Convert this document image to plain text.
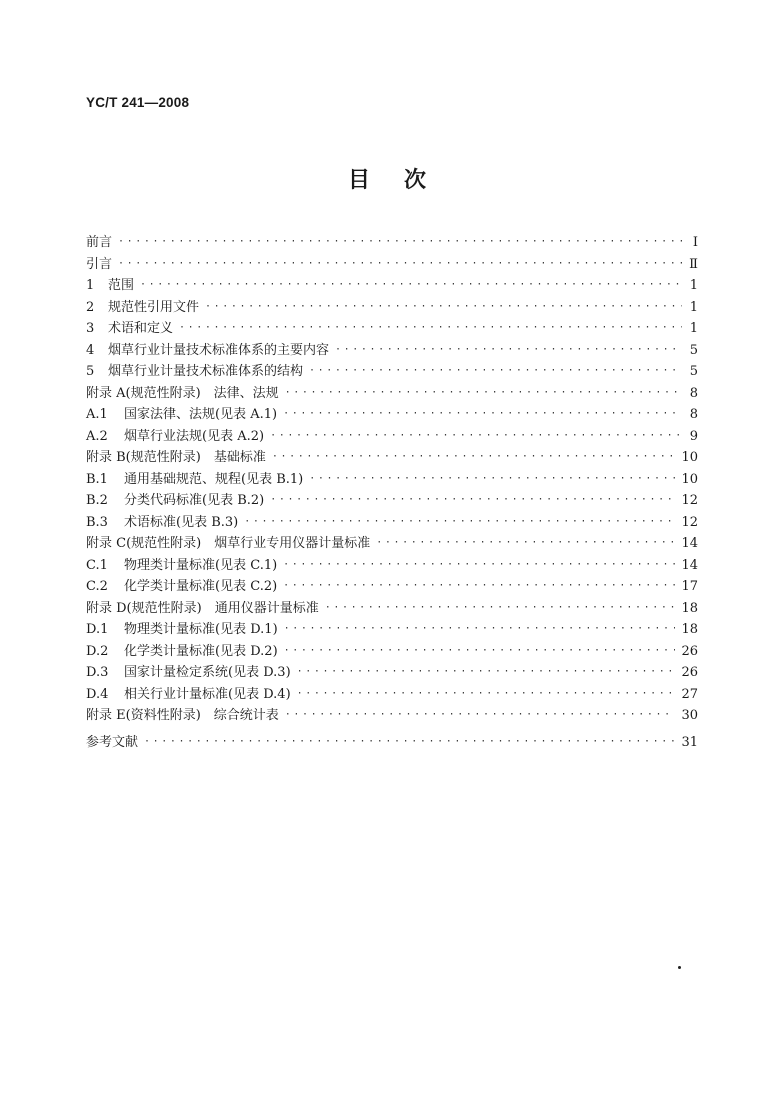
YC/T 241—2008
目次
前言 ·····	Ⅰ
引言 ·····	Ⅱ
1	范围 ·····	1
2	规范性引用文件 ·····	1
3	术语和定义 ·····	1
4	烟草行业计量技术标准体系的主要内容 ·····	5
5	烟草行业计量技术标准体系的结构 ·····	5
附录 A(规范性附录)　法律、法规 ·····	8
A.1	国家法律、法规(见表 A.1) ·····	8
A.2	烟草行业法规(见表 A.2) ·····	9
附录 B(规范性附录)　基础标准 ·····	10
B.1	通用基础规范、规程(见表 B.1) ·····	10
B.2	分类代码标准(见表 B.2) ·····	12
B.3	术语标准(见表 B.3) ·····	12
附录 C(规范性附录)　烟草行业专用仪器计量标准 ·····	14
C.1	物理类计量标准(见表 C.1) ·····	14
C.2	化学类计量标准(见表 C.2) ·····	17
附录 D(规范性附录)　通用仪器计量标准 ·····	18
D.1	物理类计量标准(见表 D.1) ·····	18
D.2	化学类计量标准(见表 D.2) ·····	26
D.3	国家计量检定系统(见表 D.3) ·····	26
D.4	相关行业计量标准(见表 D.4) ·····	27
附录 E(资料性附录)　综合统计表 ·····	30
参考文献 ·····	31
